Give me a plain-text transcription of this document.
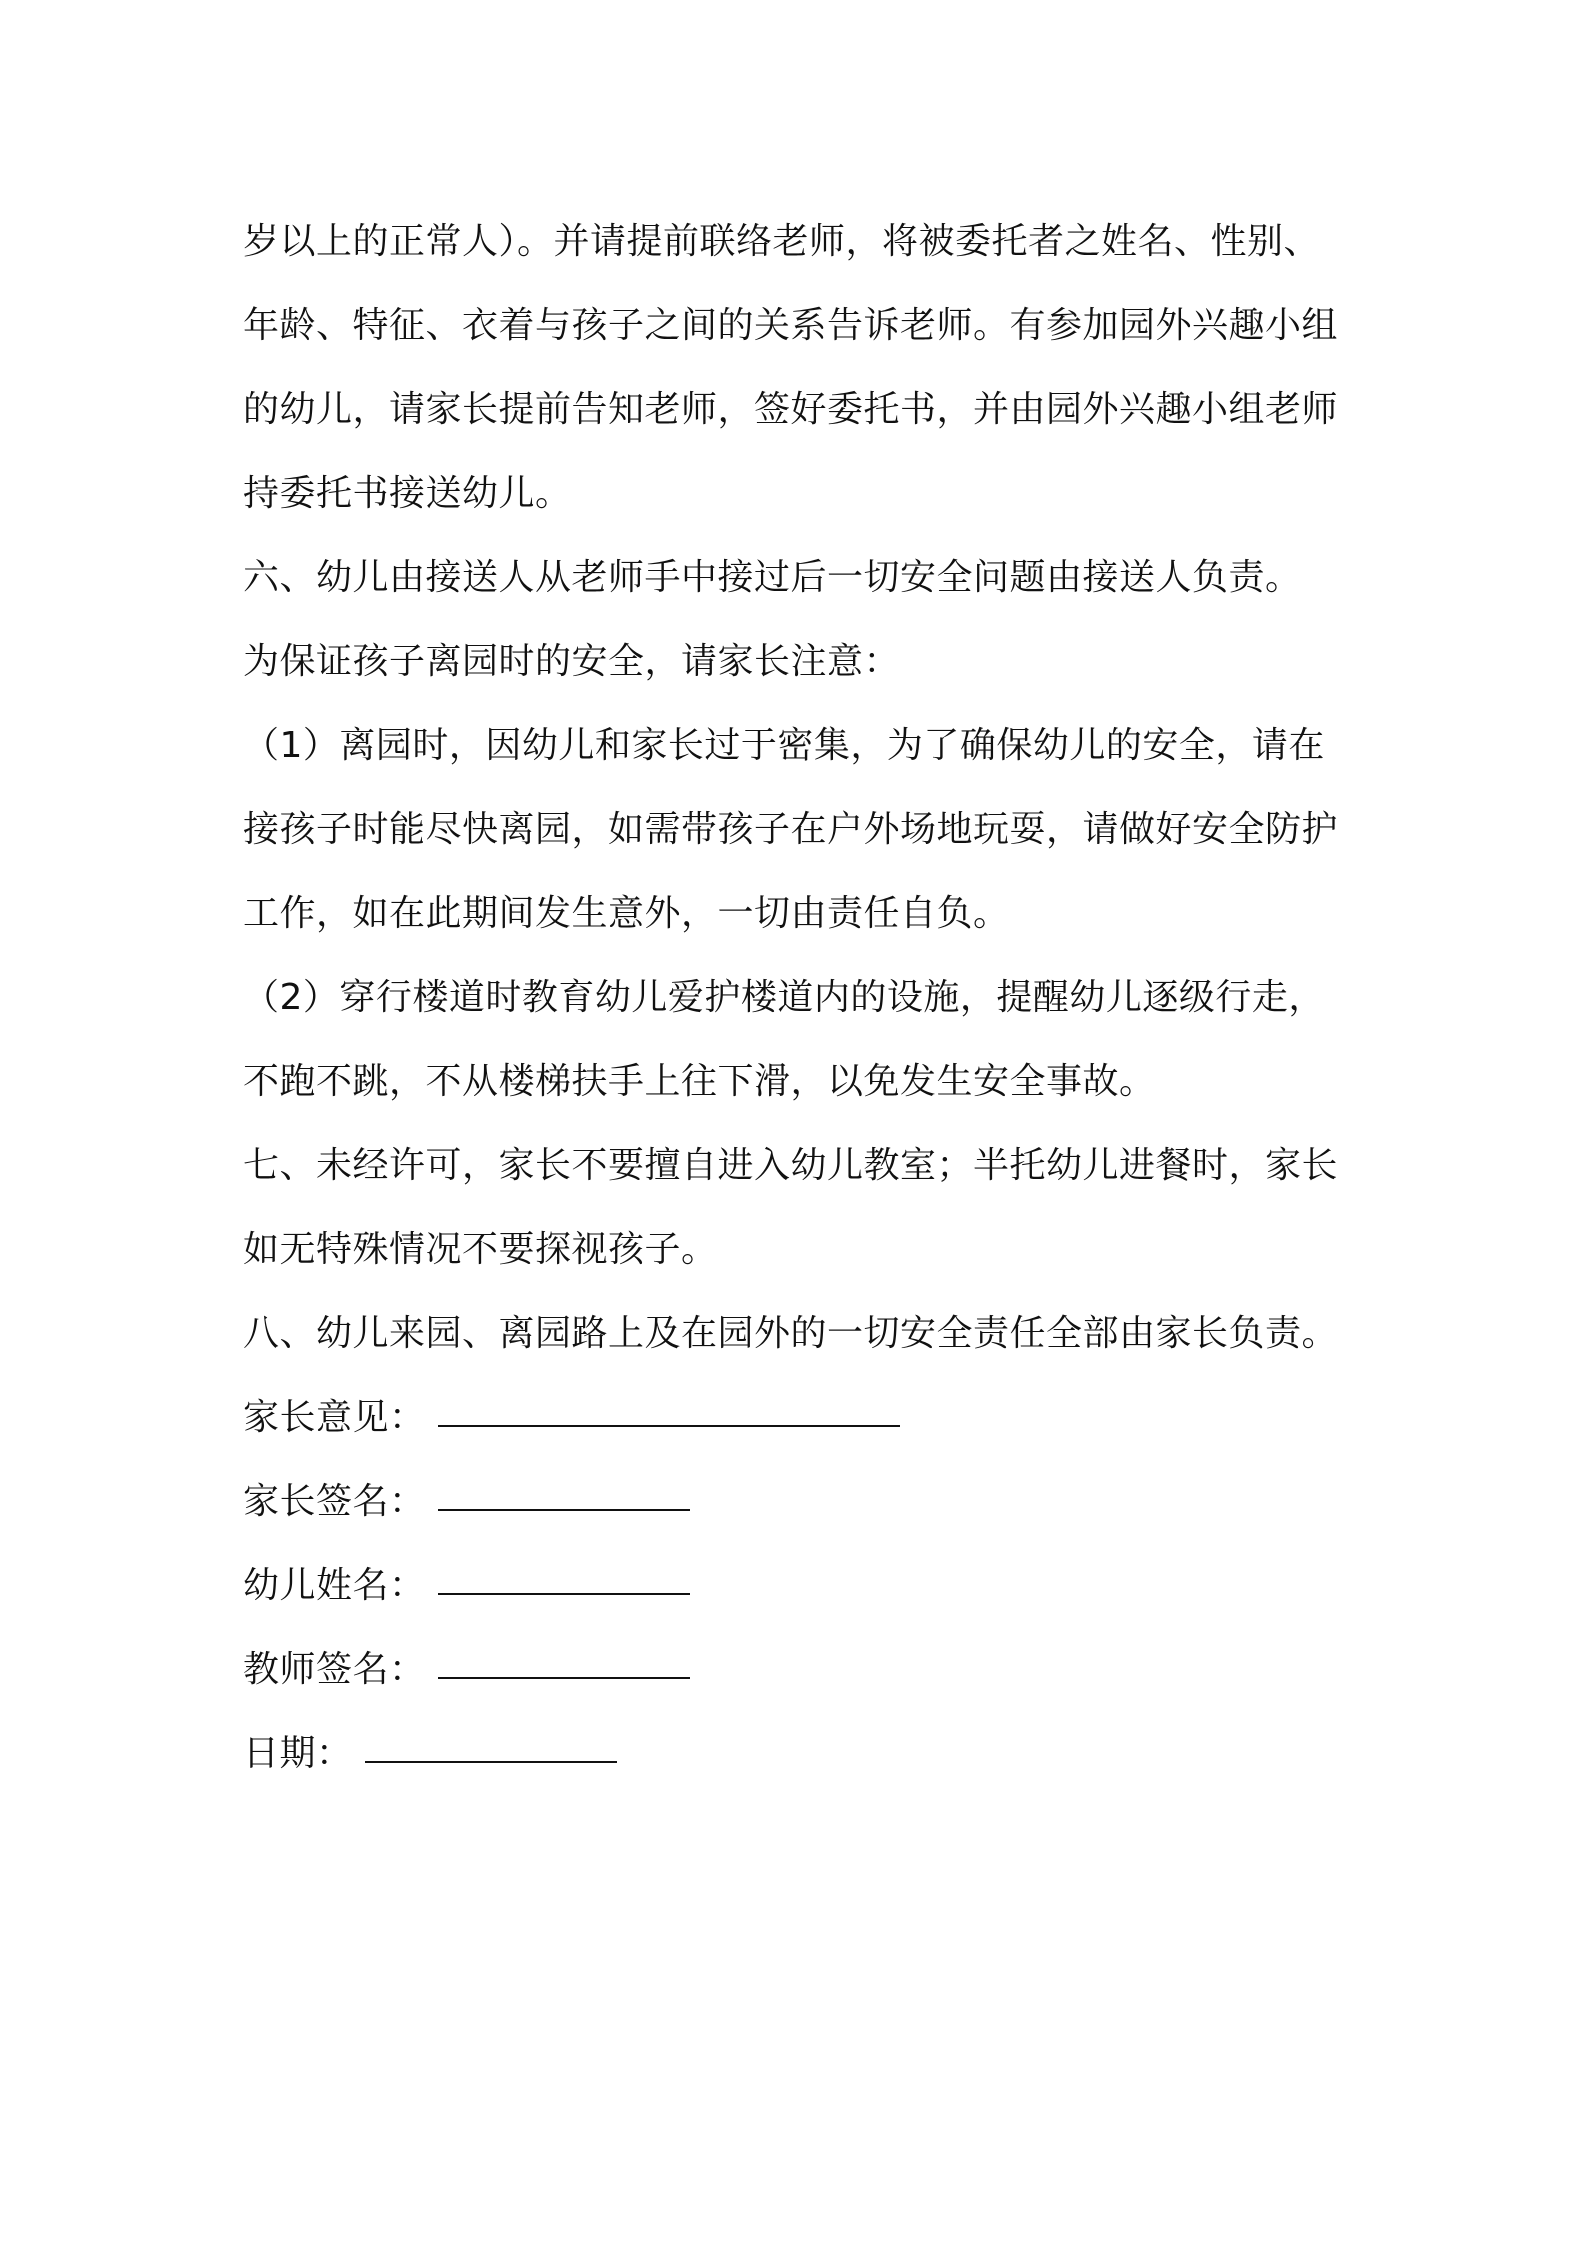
岁以上的正常人）。并请提前联络老师，将被委托者之姓名、性别、
年龄、特征、衣着与孩子之间的关系告诉老师。有参加园外兴趣小组
的幼儿，请家长提前告知老师，签好委托书，并由园外兴趣小组老师
持委托书接送幼儿。
六、幼儿由接送人从老师手中接过后一切安全问题由接送人负责。
为保证孩子离园时的安全，请家长注意：
（1）离园时，因幼儿和家长过于密集，为了确保幼儿的安全，请在
接孩子时能尽快离园，如需带孩子在户外场地玩耍，请做好安全防护
工作，如在此期间发生意外，一切由责任自负。
（2）穿行楼道时教育幼儿爱护楼道内的设施，提醒幼儿逐级行走，
不跑不跳，不从楼梯扶手上往下滑，以免发生安全事故。
七、未经许可，家长不要擅自进入幼儿教室；半托幼儿进餐时，家长
如无特殊情况不要探视孩子。
八、幼儿来园、离园路上及在园外的一切安全责任全部由家长负责。
家长意见：
家长签名：
幼儿姓名：
教师签名：
日期：
